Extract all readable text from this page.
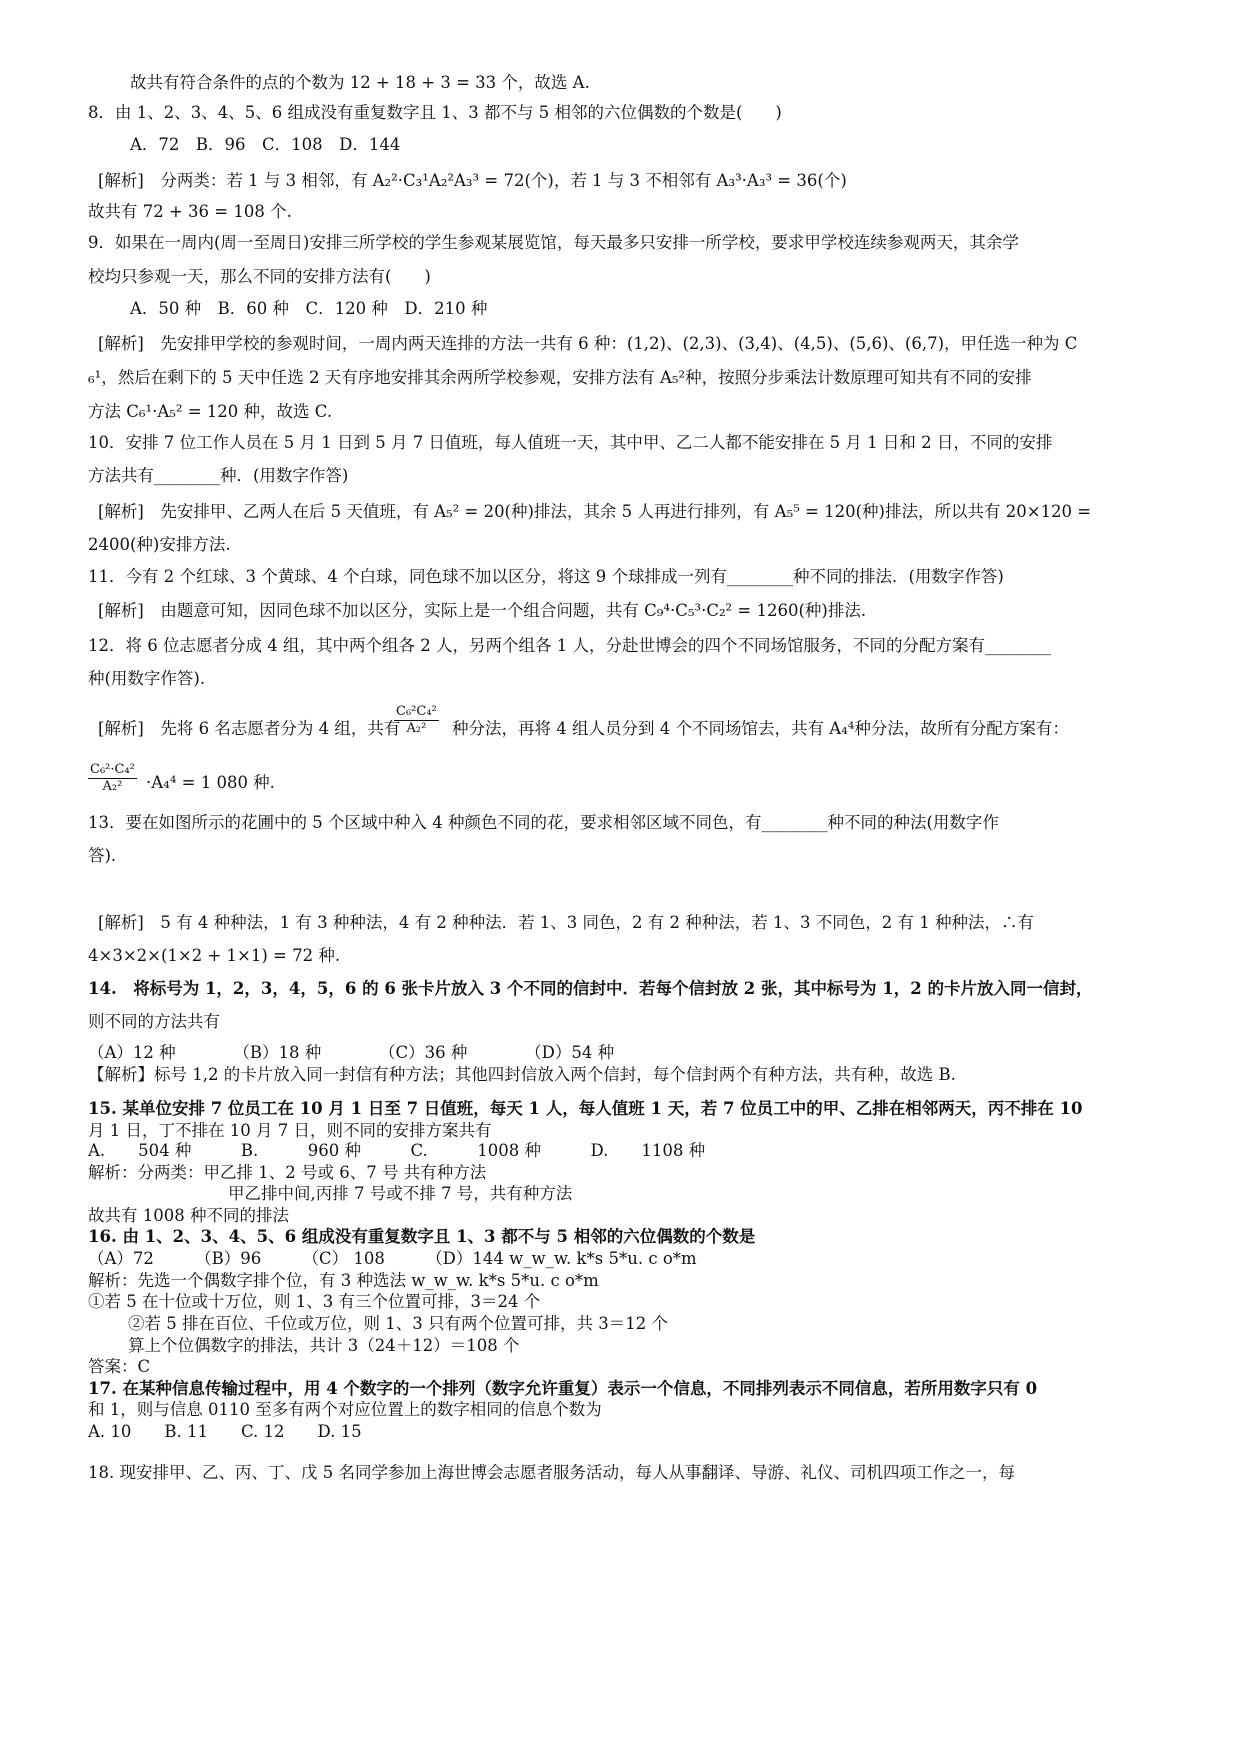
故共有符合条件的点的个数为 12 + 18 + 3 = 33 个，故选 A.
8．由 1、2、3、4、5、6 组成没有重复数字且 1、3 都不与 5 相邻的六位偶数的个数是(　　)
A．72　B．96　C．108　D．144
[解析]　分两类：若 1 与 3 相邻，有 A₂²·C₃¹A₂²A₃³ = 72(个)，若 1 与 3 不相邻有 A₃³·A₃³ = 36(个)
故共有 72 + 36 = 108 个.
9．如果在一周内(周一至周日)安排三所学校的学生参观某展览馆，每天最多只安排一所学校，要求甲学校连续参观两天，其余学
校均只参观一天，那么不同的安排方法有(　　)
A．50 种　B．60 种　C．120 种　D．210 种
[解析]　先安排甲学校的参观时间，一周内两天连排的方法一共有 6 种：(1,2)、(2,3)、(3,4)、(4,5)、(5,6)、(6,7)，甲任选一种为 C
₆¹，然后在剩下的 5 天中任选 2 天有序地安排其余两所学校参观，安排方法有 A₅²种，按照分步乘法计数原理可知共有不同的安排
方法 C₆¹·A₅² = 120 种，故选 C.
10．安排 7 位工作人员在 5 月 1 日到 5 月 7 日值班，每人值班一天，其中甲、乙二人都不能安排在 5 月 1 日和 2 日，不同的安排
方法共有________种．(用数字作答)
[解析]　先安排甲、乙两人在后 5 天值班，有 A₅² = 20(种)排法，其余 5 人再进行排列，有 A₅⁵ = 120(种)排法，所以共有 20×120 =
2400(种)安排方法.
11．今有 2 个红球、3 个黄球、4 个白球，同色球不加以区分，将这 9 个球排成一列有________种不同的排法．(用数字作答)
[解析]　由题意可知，因同色球不加以区分，实际上是一个组合问题，共有 C₉⁴·C₅³·C₂² = 1260(种)排法.
12．将 6 位志愿者分成 4 组，其中两个组各 2 人，另两个组各 1 人，分赴世博会的四个不同场馆服务，不同的分配方案有________
种(用数字作答).
[解析]　先将 6 名志愿者分为 4 组，共有
$\frac{\text{C₆²C₄²}}{\text{A₂²}}$ 种分法，再将 4 组人员分到 4 个不同场馆去，共有 A₄⁴种分法，故所有分配方案有：
$\frac{\text{C₆²·C₄²}}{\text{A₂²}} \cdot A_4^4 = 1$ 080 种.
13．要在如图所示的花圃中的 5 个区域中种入 4 种颜色不同的花，要求相邻区域不同色，有________种不同的种法(用数字作
答).
[解析]　5 有 4 种种法，1 有 3 种种法，4 有 2 种种法．若 1、3 同色，2 有 2 种种法，若 1、3 不同色，2 有 1 种种法，∴有
4×3×2×(1×2 + 1×1) = 72 种.
14.　将标号为 1，2，3，4，5，6 的 6 张卡片放入 3 个不同的信封中．若每个信封放 2 张，其中标号为 1，2 的卡片放入同一信封，
则不同的方法共有
（A）12 种　　　　（B）18 种　　　　（C）36 种　　　　（D）54 种
【解析】标号 1,2 的卡片放入同一封信有种方法；其他四封信放入两个信封，每个信封两个有种方法，共有种，故选 B.
15. 某单位安排 7 位员工在 10 月 1 日至 7 日值班，每天 1 人，每人值班 1 天，若 7 位员工中的甲、乙排在相邻两天，丙不排在 10
月 1 日，丁不排在 10 月 7 日，则不同的安排方案共有
A.　　504 种　　　B.　　　960 种　　　C.　　　1008 种　　　D.　　1108 种
解析：分两类：甲乙排 1、2 号或 6、7 号 共有种方法
甲乙排中间,丙排 7 号或不排 7 号，共有种方法
故共有 1008 种不同的排法
16. 由 1、2、3、4、5、6 组成没有重复数字且 1、3 都不与 5 相邻的六位偶数的个数是
（A）72　　　（B）96　　　（C） 108　　　（D）144 w_w_w. k*s 5*u. c o*m
解析：先选一个偶数字排个位，有 3 种选法 w_w_w. k*s 5*u. c o*m
①若 5 在十位或十万位，则 1、3 有三个位置可排，3＝24 个
②若 5 排在百位、千位或万位，则 1、3 只有两个位置可排，共 3＝12 个
算上个位偶数字的排法，共计 3（24＋12）＝108 个
答案：C
17. 在某种信息传输过程中，用 4 个数字的一个排列（数字允许重复）表示一个信息，不同排列表示不同信息，若所用数字只有 0
和 1，则与信息 0110 至多有两个对应位置上的数字相同的信息个数为
A. 10　　B. 11　　C. 12　　D. 15
18. 现安排甲、乙、丙、丁、戊 5 名同学参加上海世博会志愿者服务活动，每人从事翻译、导游、礼仪、司机四项工作之一，每
